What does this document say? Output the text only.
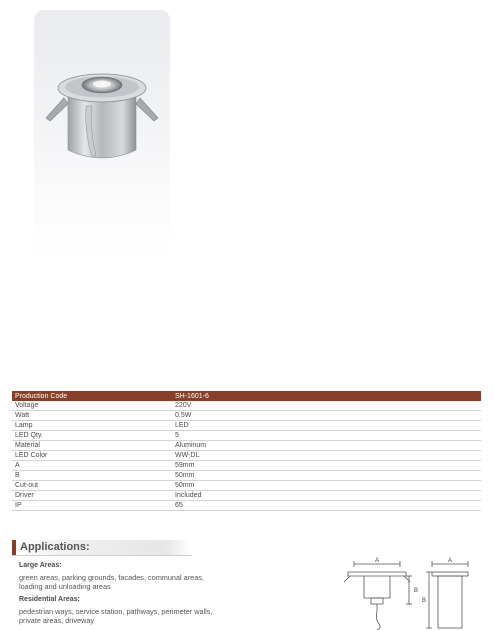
Production Code	SH-1601-6
Voltage	220V
Watt	0.5W
Lamp	LED
LED Qty.	5
Material	Aluminum
LED Color	WW-DL
A	59mm
B	50mm
Cut-out	50mm
Driver	Included
IP	65
Applications:
Large Areas:
green areas, parking grounds, facades, communal areas, loading and unloading areas
Residential Areas:
pedestrian ways, service station, pathways, perimeter walls, private areas, driveway
A
B
A
B
